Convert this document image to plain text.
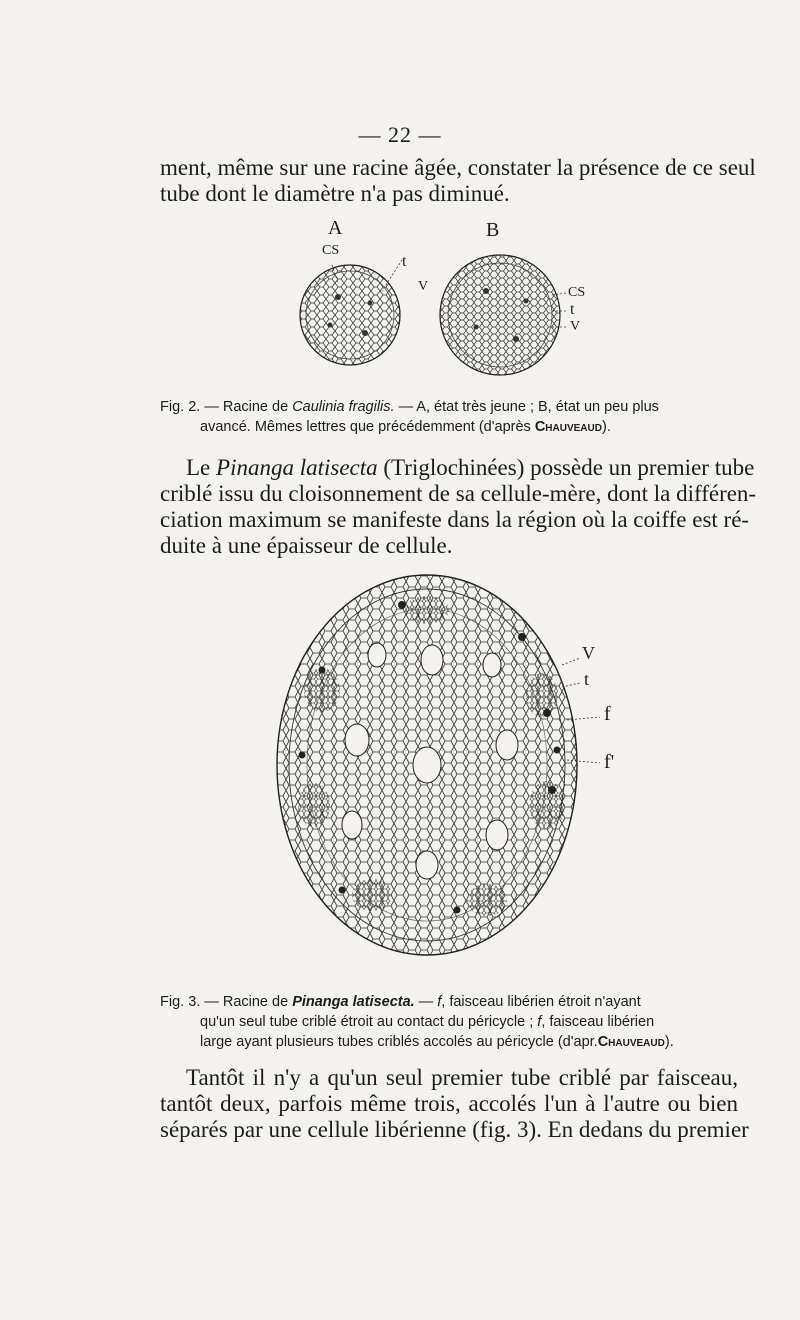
— 22 —
ment, même sur une racine âgée, constater la présence de ce seul
tube dont le diamètre n'a pas diminué.
A	B
CS
t
V	CS
t
V
Fig. 2. — Racine de Caulinia fragilis. — A, état très jeune ; B, état un peu plus
avancé. Mêmes lettres que précédemment (d'après Chauveaud).
Le Pinanga latisecta (Triglochinées) possède un premier tube
criblé issu du cloisonnement de sa cellule-mère, dont la différen-
ciation maximum se manifeste dans la région où la coiffe est ré-
duite à une épaisseur de cellule.
V
t
f
f'
Fig. 3. — Racine de Pinanga latisecta. — f, faisceau libérien étroit n'ayant
qu'un seul tube criblé étroit au contact du péricycle ; f, faisceau libérien
large ayant plusieurs tubes criblés accolés au péricycle (d'apr.Chauveaud).
Tantôt il n'y a qu'un seul premier tube criblé par faisceau,
tantôt deux, parfois même trois, accolés l'un à l'autre ou bien
séparés par une cellule libérienne (fig. 3). En dedans du premier
